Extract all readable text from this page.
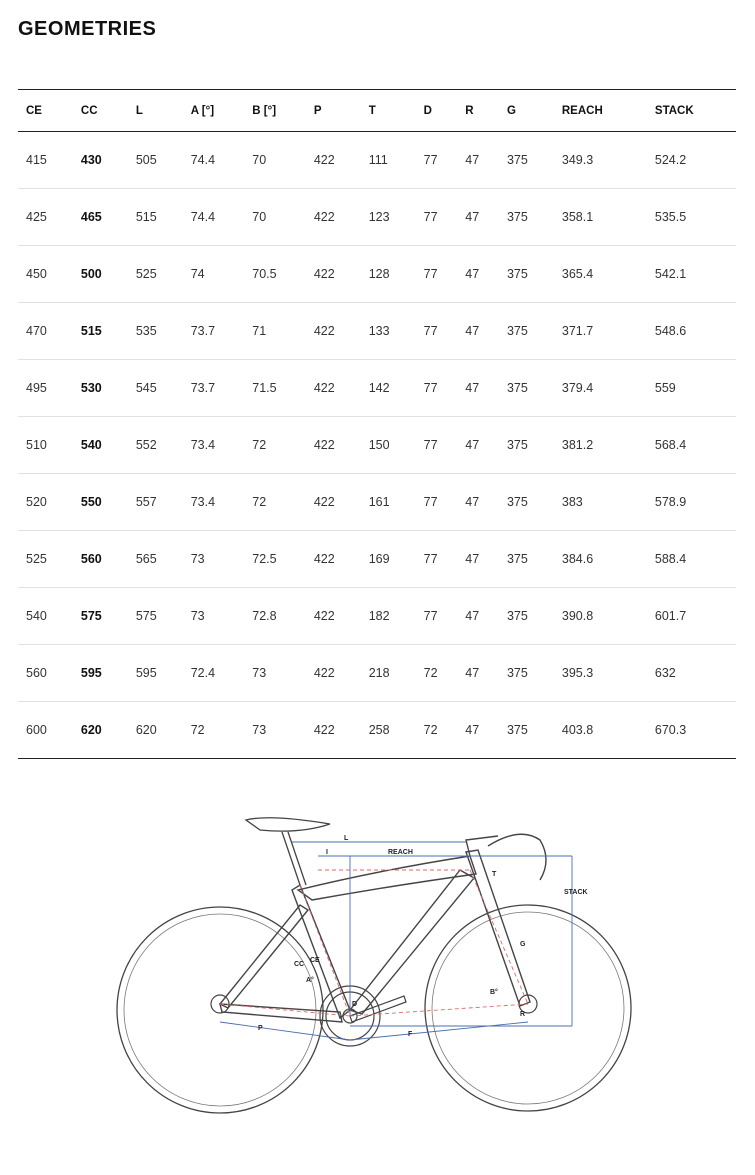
GEOMETRIES
CE	CC	L	A [°]	B [°]	P	T	D	R	G	REACH	STACK
415	430	505	74.4	70	422	111	77	47	375	349.3	524.2
425	465	515	74.4	70	422	123	77	47	375	358.1	535.5
450	500	525	74	70.5	422	128	77	47	375	365.4	542.1
470	515	535	73.7	71	422	133	77	47	375	371.7	548.6
495	530	545	73.7	71.5	422	142	77	47	375	379.4	559
510	540	552	73.4	72	422	150	77	47	375	381.2	568.4
520	550	557	73.4	72	422	161	77	47	375	383	578.9
525	560	565	73	72.5	422	169	77	47	375	384.6	588.4
540	575	575	73	72.8	422	182	77	47	375	390.8	601.7
560	595	595	72.4	73	422	218	72	47	375	395.3	632
600	620	620	72	73	422	258	72	47	375	403.8	670.3
L
I	REACH
STACK
T
G
CC
CE
A°
B°
D
R
P
F
